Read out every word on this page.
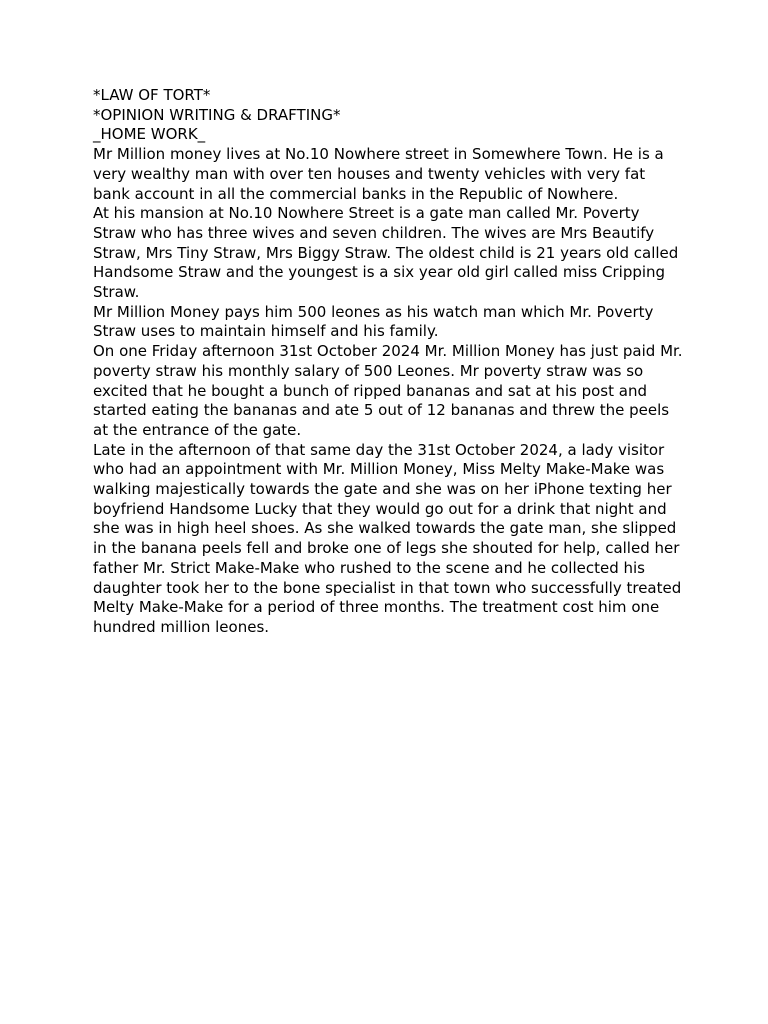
*LAW OF TORT*

*OPINION WRITING & DRAFTING*

_HOME WORK_

Mr Million money lives at No.10 Nowhere street in Somewhere Town. He is a very wealthy man with over ten houses and twenty vehicles with very fat bank account in all the commercial banks in the Republic of Nowhere.

At his mansion at No.10 Nowhere Street is a gate man called Mr. Poverty Straw who has three wives and seven children. The wives are Mrs Beautify Straw, Mrs Tiny Straw, Mrs Biggy Straw. The oldest child is 21 years old called Handsome Straw and the youngest is a six year old girl called miss Cripping Straw.

Mr Million Money pays him 500 leones as his watch man which Mr. Poverty Straw uses to maintain himself and his family.

On one Friday afternoon 31st October 2024 Mr. Million Money has just paid Mr. poverty straw his monthly salary of 500 Leones. Mr poverty straw was so excited that he bought a bunch of ripped bananas and sat at his post and started eating the bananas and ate 5 out of 12 bananas and threw the peels at the entrance of the gate.

Late in the afternoon of that same day the 31st October 2024, a lady visitor who had an appointment with Mr. Million Money, Miss Melty Make-Make was walking majestically towards the gate and she was on her iPhone texting her boyfriend Handsome Lucky that they would go out for a drink that night and she was in high heel shoes. As she walked towards the gate man, she slipped in the banana peels fell and broke one of legs she shouted for help, called her father Mr. Strict Make-Make who rushed to the scene and he collected his daughter took her to the bone specialist in that town who successfully treated Melty Make-Make for a period of three months. The treatment cost him one hundred million leones.
